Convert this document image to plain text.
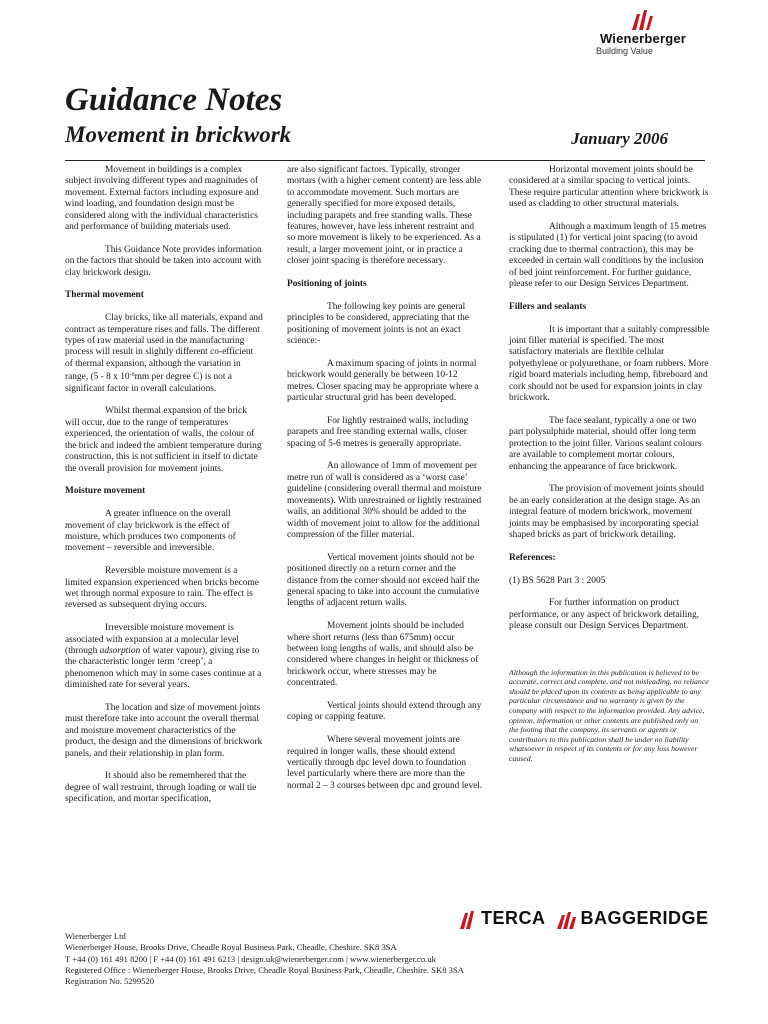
Wienerberger
Building Value
Guidance Notes
Movement in brickwork	January 2006

Movement in buildings is a complex subject involving different types and magnitudes of movement. External factors including exposure and wind loading, and foundation design must be considered along with the individual characteristics and performance of building materials used.

This Guidance Note provides information on the factors that should be taken into account with clay brickwork design.

Thermal movement

Clay bricks, like all materials, expand and contract as temperature rises and falls. The different types of raw material used in the manufacturing process will result in slightly different co-efficient of thermal expansion, although the variation in range, (5 - 8 x $10^{-6}mm$ per degree C) is not a significant factor in overall calculations.

Whilst thermal expansion of the brick will occur, due to the range of temperatures experienced, the orientation of walls, the colour of the brick and indeed the ambient temperature during construction, this is not sufficient in itself to dictate the overall provision for movement joints.

Moisture movement

A greater influence on the overall movement of clay brickwork is the effect of moisture, which produces two components of movement – reversible and irreversible.

Reversible moisture movement is a limited expansion experienced when bricks become wet through normal exposure to rain. The effect is reversed as subsequent drying occurs.

Irreversible moisture movement is associated with expansion at a molecular level (through adsorption of water vapour), giving rise to the characteristic longer term ‘creep’, a phenomenon which may in some cases continue at a diminished rate for several years.

The location and size of movement joints must therefore take into account the overall thermal and moisture movement characteristics of the product, the design and the dimensions of brickwork panels, and their relationship in plan form.

It should also be remembered that the degree of wall restraint, through loading or wall tie specification, and mortar specification,

are also significant factors. Typically, stronger mortars (with a higher cement content) are less able to accommodate movement. Such mortars are generally specified for more exposed details, including parapets and free standing walls. These features, however, have less inherent restraint and so more movement is likely to be experienced. As a result, a larger movement joint, or in practice a closer joint spacing is therefore necessary.

Positioning of joints

The following key points are general principles to be considered, appreciating that the positioning of movement joints is not an exact science:-

A maximum spacing of joints in normal brickwork would generally be between 10-12 metres. Closer spacing may be appropriate where a particular structural grid has been developed.

For lightly restrained walls, including parapets and free standing external walls, closer spacing of 5-6 metres is generally appropriate.

An allowance of 1mm of movement per metre run of wall is considered as a ‘worst case’ guideline (considering overall thermal and moisture movements). With unrestrained or lightly restrained walls, an additional 30% should be added to the width of movement joint to allow for the additional compression of the filler material.

Vertical movement joints should not be positioned directly on a return corner and the distance from the corner should not exceed half the general spacing to take into account the cumulative lengths of adjacent return walls.

Movement joints should be included where short returns (less than 675mm) occur between long lengths of walls, and should also be considered where changes in height or thickness of brickwork occur, where stresses may be concentrated.

Vertical joints should extend through any coping or capping feature.

Where several movement joints are required in longer walls, these should extend vertically through dpc level down to foundation level particularly where there are more than the normal 2 – 3 courses between dpc and ground level.

Horizontal movement joints should be considered at a similar spacing to vertical joints. These require particular attention where brickwork is used as cladding to other structural materials.

Although a maximum length of 15 metres is stipulated (1) for vertical joint spacing (to avoid cracking due to thermal contraction), this may be exceeded in certain wall conditions by the inclusion of bed joint reinforcement. For further guidance, please refer to our Design Services Department.

Fillers and sealants

It is important that a suitably compressible joint filler material is specified. The most satisfactory materials are flexible cellular polyethylene or polyurethane, or foam rubbers. More rigid board materials including hemp, fibreboard and cork should not be used for expansion joints in clay brickwork.

The face sealant, typically a one or two part polysulphide material, should offer long term protection to the joint filler. Various sealant colours are available to complement mortar colours, enhancing the appearance of face brickwork.

The provision of movement joints should be an early consideration at the design stage. As an integral feature of modern brickwork, movement joints may be emphasised by incorporating special shaped bricks as part of brickwork detailing.

References:

(1) BS 5628 Part 3 : 2005

For further information on product performance, or any aspect of brickwork detailing, please consult our Design Services Department.

Although the information in this publication is believed to be accurate, correct and complete, and not misleading, no reliance should be placed upon its contents as being applicable to any particular circumstance and no warranty is given by the company with respect to the information provided. Any advice, opinion, information or other contents are published only on the footing that the company, its servants or agents or contributors to this publication shall be under no liability whatsoever in respect of its contents or for any loss however caused.

TERCA BAGGERIDGE
Wienerberger Ltd
Wienerberger House, Brooks Drive, Cheadle Royal Business Park, Cheadle, Cheshire. SK8 3SA
T +44 (0) 161 491 8200 | F +44 (0) 161 491 6213 | design.uk@wienerberger.com | www.wienerberger.co.uk
Registered Office : Wienerberger House, Brooks Drive, Cheadle Royal Business Park, Cheadle, Cheshire. SK8 3SA
Registration No. 5299520
